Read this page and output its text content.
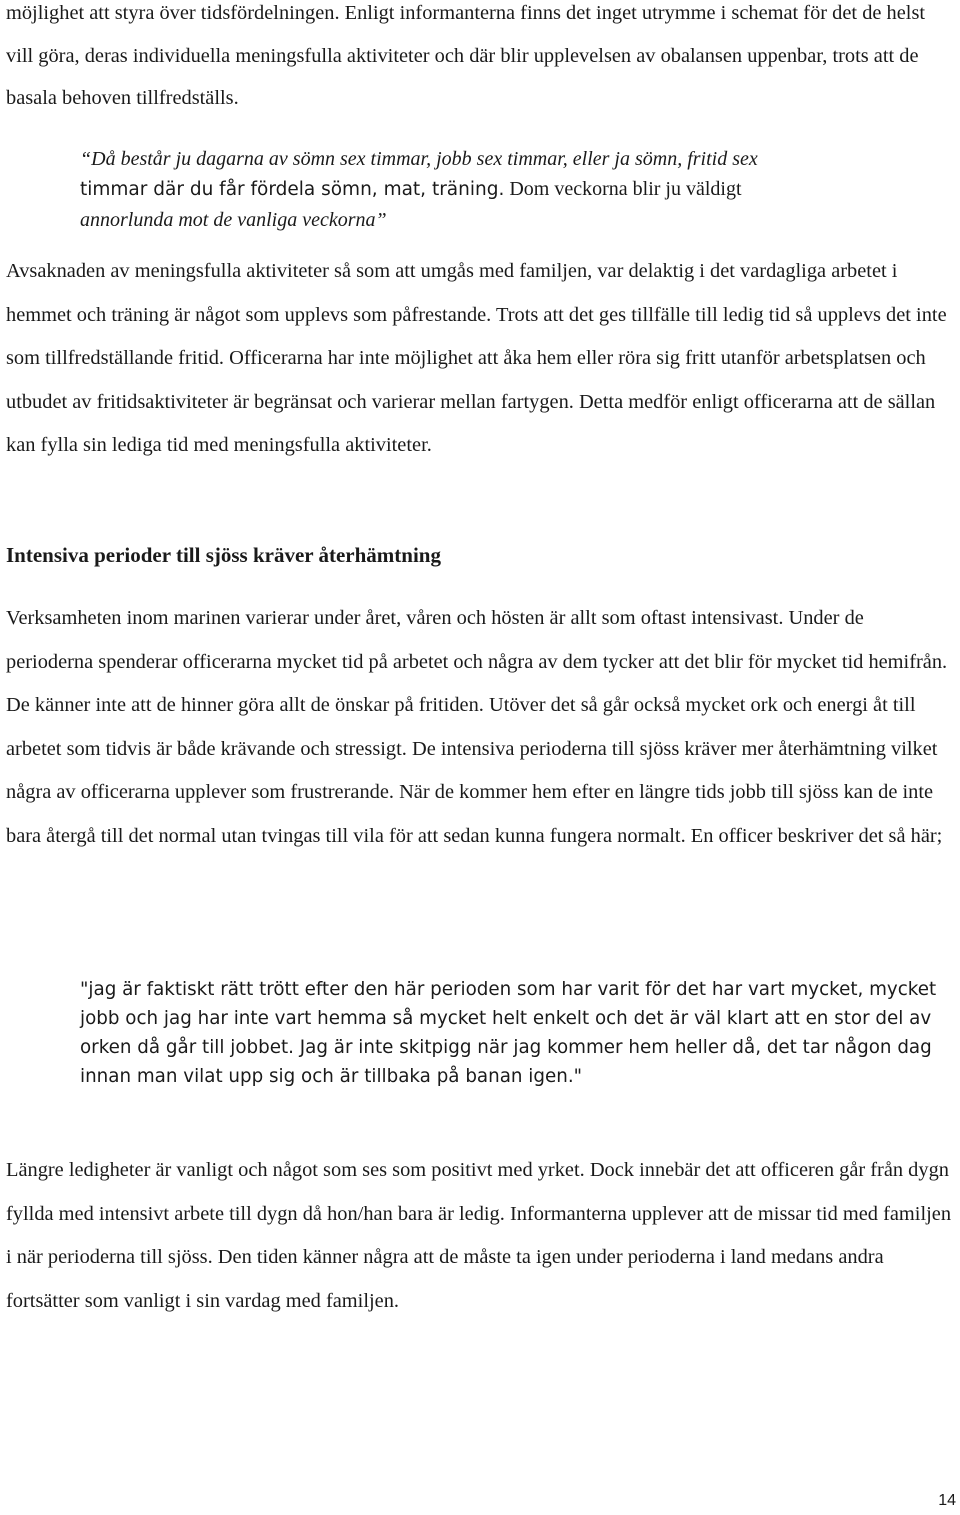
möjlighet att styra över tidsfördelningen. Enligt informanterna finns det inget utrymme i schemat för det de helst vill göra, deras individuella meningsfulla aktiviteter och där blir upplevelsen av obalansen uppenbar, trots att de basala behoven tillfredställs.

“Då består ju dagarna av sömn sex timmar, jobb sex timmar, eller ja sömn, fritid sex
timmar där du får fördela sömn, mat, träning. Dom veckorna blir ju väldigt
annorlunda mot de vanliga veckorna”

Avsaknaden av meningsfulla aktiviteter så som att umgås med familjen, var delaktig i det vardagliga arbetet i hemmet och träning är något som upplevs som påfrestande. Trots att det ges tillfälle till ledig tid så upplevs det inte som tillfredställande fritid. Officerarna har inte möjlighet att åka hem eller röra sig fritt utanför arbetsplatsen och utbudet av fritidsaktiviteter är begränsat och varierar mellan fartygen. Detta medför enligt officerarna att de sällan kan fylla sin lediga tid med meningsfulla aktiviteter.

Intensiva perioder till sjöss kräver återhämtning

Verksamheten inom marinen varierar under året, våren och hösten är allt som oftast intensivast. Under de perioderna spenderar officerarna mycket tid på arbetet och några av dem tycker att det blir för mycket tid hemifrån. De känner inte att de hinner göra allt de önskar på fritiden. Utöver det så går också mycket ork och energi åt till arbetet som tidvis är både krävande och stressigt. De intensiva perioderna till sjöss kräver mer återhämtning vilket några av officerarna upplever som frustrerande. När de kommer hem efter en längre tids jobb till sjöss kan de inte bara återgå till det normal utan tvingas till vila för att sedan kunna fungera normalt. En officer beskriver det så här;

"jag är faktiskt rätt trött efter den här perioden som har varit för det har vart mycket, mycket jobb och jag har inte vart hemma så mycket helt enkelt och det är väl klart att en stor del av orken då går till jobbet. Jag är inte skitpigg när jag kommer hem heller då, det tar någon dag innan man vilat upp sig och är tillbaka på banan igen."

Längre ledigheter är vanligt och något som ses som positivt med yrket. Dock innebär det att officeren går från dygn fyllda med intensivt arbete till dygn då hon/han bara är ledig. Informanterna upplever att de missar tid med familjen i när perioderna till sjöss. Den tiden känner några att de måste ta igen under perioderna i land medans andra fortsätter som vanligt i sin vardag med familjen.

14
